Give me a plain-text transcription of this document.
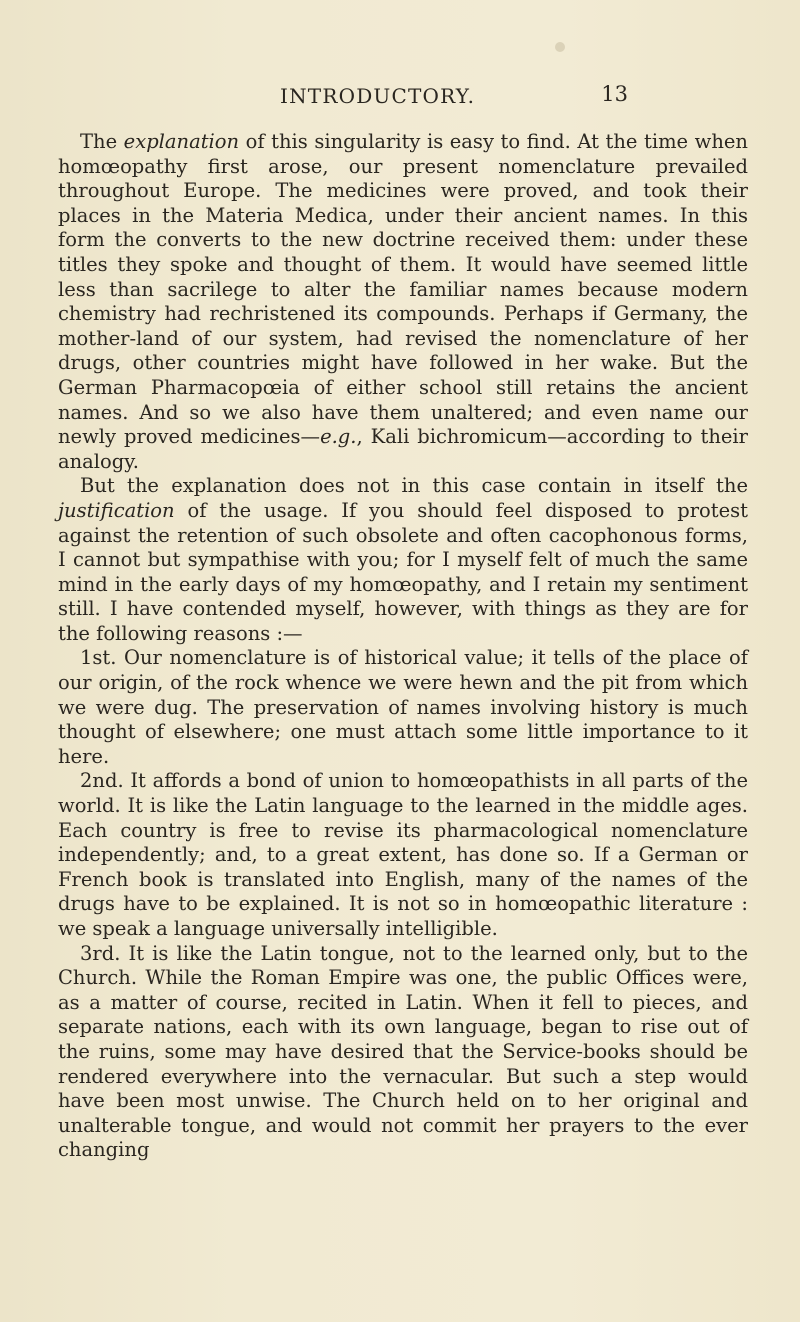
INTRODUCTORY.	13

The explanation of this singularity is easy to find. At the time when homœopathy first arose, our present nomenclature prevailed throughout Europe. The medicines were proved, and took their places in the Materia Medica, under their ancient names. In this form the converts to the new doctrine received them: under these titles they spoke and thought of them. It would have seemed little less than sacrilege to alter the familiar names because modern chemistry had rechristened its compounds. Perhaps if Germany, the mother-land of our system, had revised the nomenclature of her drugs, other countries might have followed in her wake. But the German Pharmacopœia of either school still retains the ancient names. And so we also have them unaltered; and even name our newly proved medicines—e.g., Kali bichromicum—according to their analogy.

But the explanation does not in this case contain in itself the justification of the usage. If you should feel disposed to protest against the retention of such obsolete and often cacophonous forms, I cannot but sympathise with you; for I myself felt of much the same mind in the early days of my homœopathy, and I retain my sentiment still. I have contended myself, however, with things as they are for the following reasons :—

1st. Our nomenclature is of historical value; it tells of the place of our origin, of the rock whence we were hewn and the pit from which we were dug. The preservation of names involving history is much thought of elsewhere; one must attach some little importance to it here.

2nd. It affords a bond of union to homœopathists in all parts of the world. It is like the Latin language to the learned in the middle ages. Each country is free to revise its pharmacological nomenclature independently; and, to a great extent, has done so. If a German or French book is translated into English, many of the names of the drugs have to be explained. It is not so in homœopathic literature : we speak a language universally intelligible.

3rd. It is like the Latin tongue, not to the learned only, but to the Church. While the Roman Empire was one, the public Offices were, as a matter of course, recited in Latin. When it fell to pieces, and separate nations, each with its own language, began to rise out of the ruins, some may have desired that the Service-books should be rendered everywhere into the vernacular. But such a step would have been most unwise. The Church held on to her original and unalterable tongue, and would not commit her prayers to the ever changing
